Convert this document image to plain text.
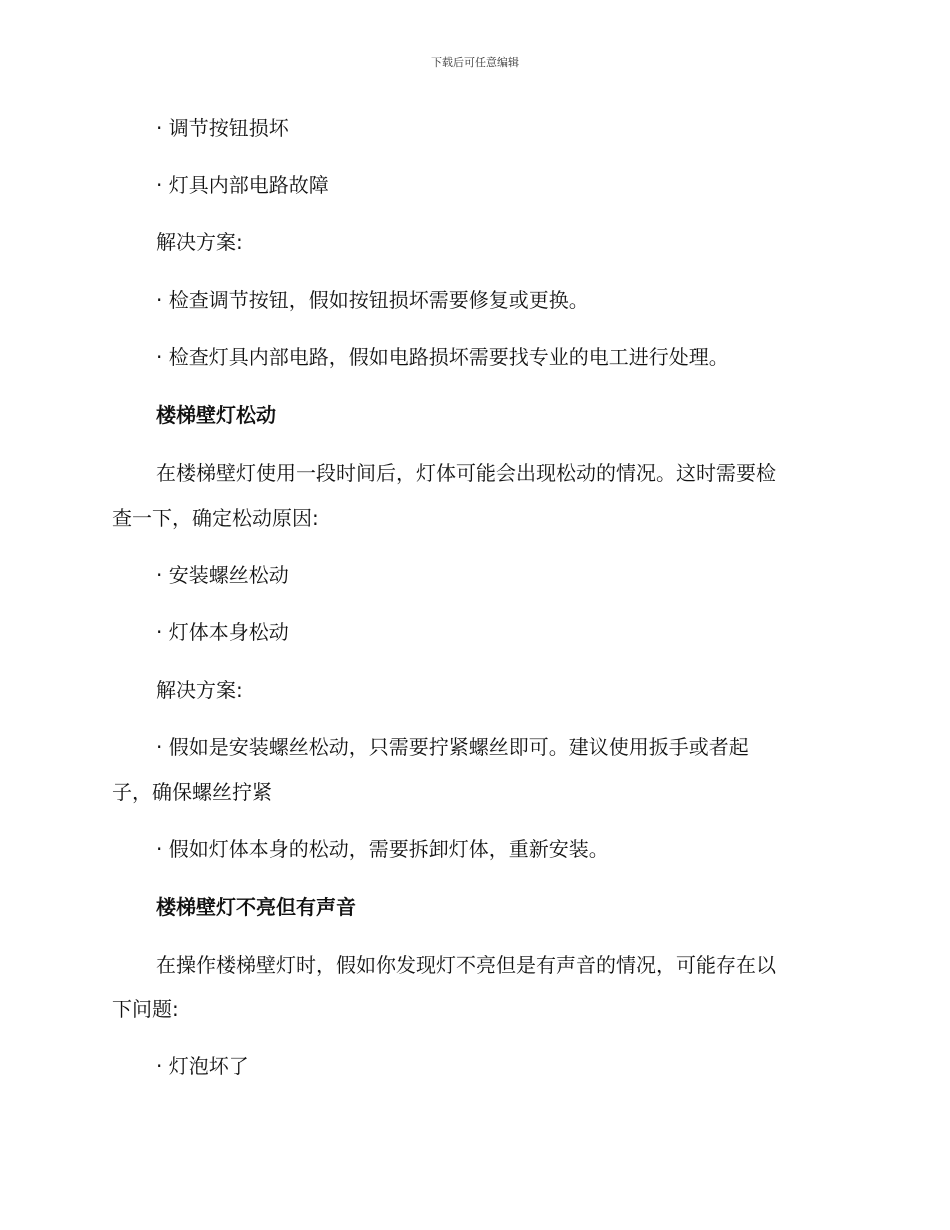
下载后可任意编辑
· 调节按钮损坏
· 灯具内部电路故障
解决方案:
· 检查调节按钮，假如按钮损坏需要修复或更换。
· 检查灯具内部电路，假如电路损坏需要找专业的电工进行处理。
楼梯壁灯松动
在楼梯壁灯使用一段时间后，灯体可能会出现松动的情况。这时需要检
查一下，确定松动原因:
· 安装螺丝松动
· 灯体本身松动
解决方案:
· 假如是安装螺丝松动，只需要拧紧螺丝即可。建议使用扳手或者起
子，确保螺丝拧紧
· 假如灯体本身的松动，需要拆卸灯体，重新安装。
楼梯壁灯不亮但有声音
在操作楼梯壁灯时，假如你发现灯不亮但是有声音的情况，可能存在以
下问题:
· 灯泡坏了
